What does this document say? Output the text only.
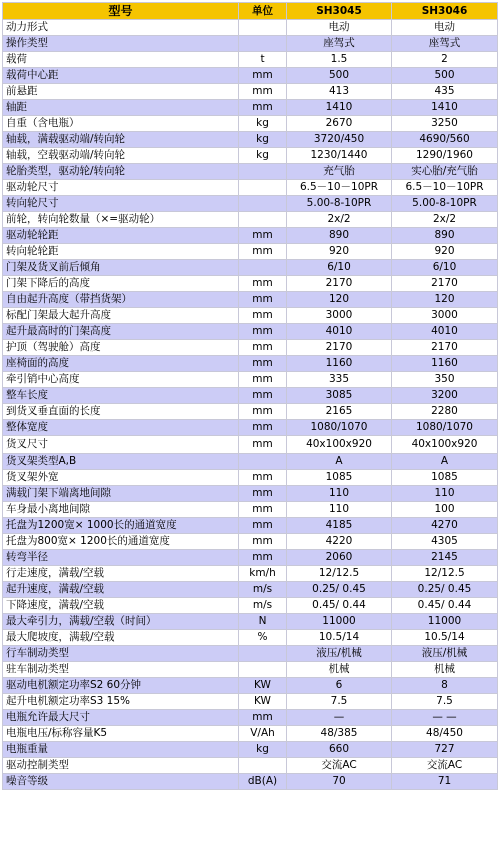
型号	单位	SH3045	SH3046
动力形式		电动	电动
操作类型		座驾式	座驾式
载荷	t	1.5	2
载荷中心距	mm	500	500
前悬距	mm	413	435
轴距	mm	1410	1410
自重（含电瓶）	kg	2670	3250
轴载，满载驱动端/转向轮	kg	3720/450	4690/560
轴载，空载驱动端/转向轮	kg	1230/1440	1290/1960
轮胎类型，驱动轮/转向轮		充气胎	实心胎/充气胎
驱动轮尺寸		6.5－10－10PR	6.5－10－10PR
转向轮尺寸		5.00-8-10PR	5.00-8-10PR
前轮，转向轮数量（×=驱动轮）		2x/2	2x/2
驱动轮轮距	mm	890	890
转向轮轮距	mm	920	920
门架及货叉前后倾角		6/10	6/10
门架下降后的高度	mm	2170	2170
自由起升高度（带挡货架）	mm	120	120
标配门架最大起升高度	mm	3000	3000
起升最高时的门架高度	mm	4010	4010
护顶（驾驶舱）高度	mm	2170	2170
座椅面的高度	mm	1160	1160
牵引销中心高度	mm	335	350
整车长度	mm	3085	3200
到货叉垂直面的长度	mm	2165	2280
整体宽度	mm	1080/1070	1080/1070
货叉尺寸	mm	40x100x920	40x100x920
货叉架类型A,B		A	A
货叉架外宽	mm	1085	1085
满载门架下端离地间隙	mm	110	110
车身最小离地间隙	mm	110	100
托盘为1200宽× 1000长的通道宽度	mm	4185	4270
托盘为800宽× 1200长的通道宽度	mm	4220	4305
转弯半径	mm	2060	2145
行走速度，满载/空载	km/h	12/12.5	12/12.5
起升速度，满载/空载	m/s	0.25/ 0.45	0.25/ 0.45
下降速度，满载/空载	m/s	0.45/ 0.44	0.45/ 0.44
最大牵引力，满载/空载（时间）	N	11000	11000
最大爬坡度，满载/空载	%	10.5/14	10.5/14
行车制动类型		液压/机械	液压/机械
驻车制动类型		机械	机械
驱动电机额定功率S2 60分钟	KW	6	8
起升电机额定功率S3 15%	KW	7.5	7.5
电瓶允许最大尺寸	mm	—	— —
电瓶电压/标称容量K5	V/Ah	48/385	48/450
电瓶重量	kg	660	727
驱动控制类型		交流AC	交流AC
噪音等级	dB(A)	70	71
